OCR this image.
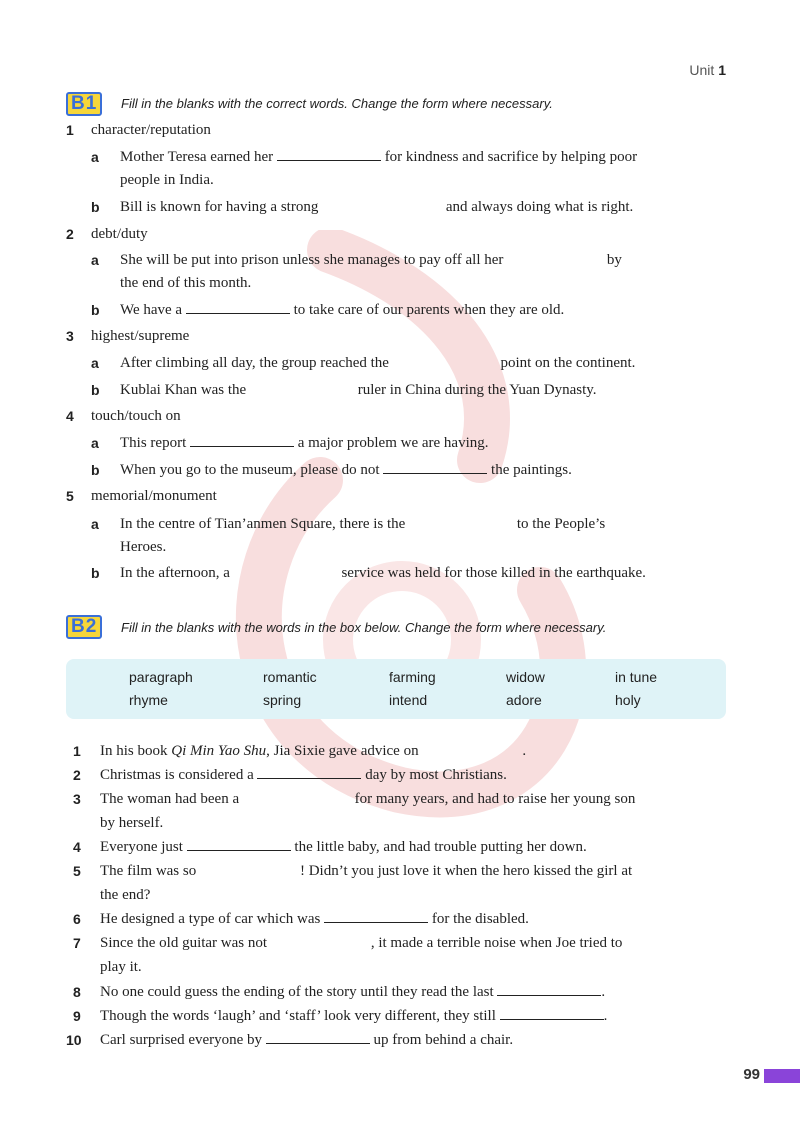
Unit 1
B1	Fill in the blanks with the correct words. Change the form where necessary.
1 character/reputation
a Mother Teresa earned her	for kindness and sacrifice by helping poor
people in India.
b Bill is known for having a strong	and always doing what is right.
2 debt/duty
a She will be put into prison unless she manages to pay off all her	by
the end of this month.
b We have a	to take care of our parents when they are old.
3 highest/supreme
a After climbing all day, the group reached the	point on the continent.
b Kublai Khan was the	ruler in China during the Yuan Dynasty.
4 touch/touch on
a This report	a major problem we are having.
b When you go to the museum, please do not	the paintings.
5 memorial/monument
a In the centre of Tian’anmen Square, there is the	to the People’s
Heroes.
b In the afternoon, a	service was held for those killed in the earthquake.
B2	Fill in the blanks with the words in the box below. Change the form where necessary.
paragraph	romantic	farming	widow	in tune
rhyme	spring	intend	adore	holy
1 In his book Qi Min Yao Shu, Jia Sixie gave advice on	.
2 Christmas is considered a	day by most Christians.
3 The woman had been a	for many years, and had to raise her young son
by herself.
4 Everyone just	the little baby, and had trouble putting her down.
5 The film was so	! Didn’t you just love it when the hero kissed the girl at
the end?
6 He designed a type of car which was	for the disabled.
7 Since the old guitar was not	, it made a terrible noise when Joe tried to
play it.
8 No one could guess the ending of the story until they read the last	.
9 Though the words ‘laugh’ and ‘staff’ look very different, they still	.
10 Carl surprised everyone by	up from behind a chair.
99
